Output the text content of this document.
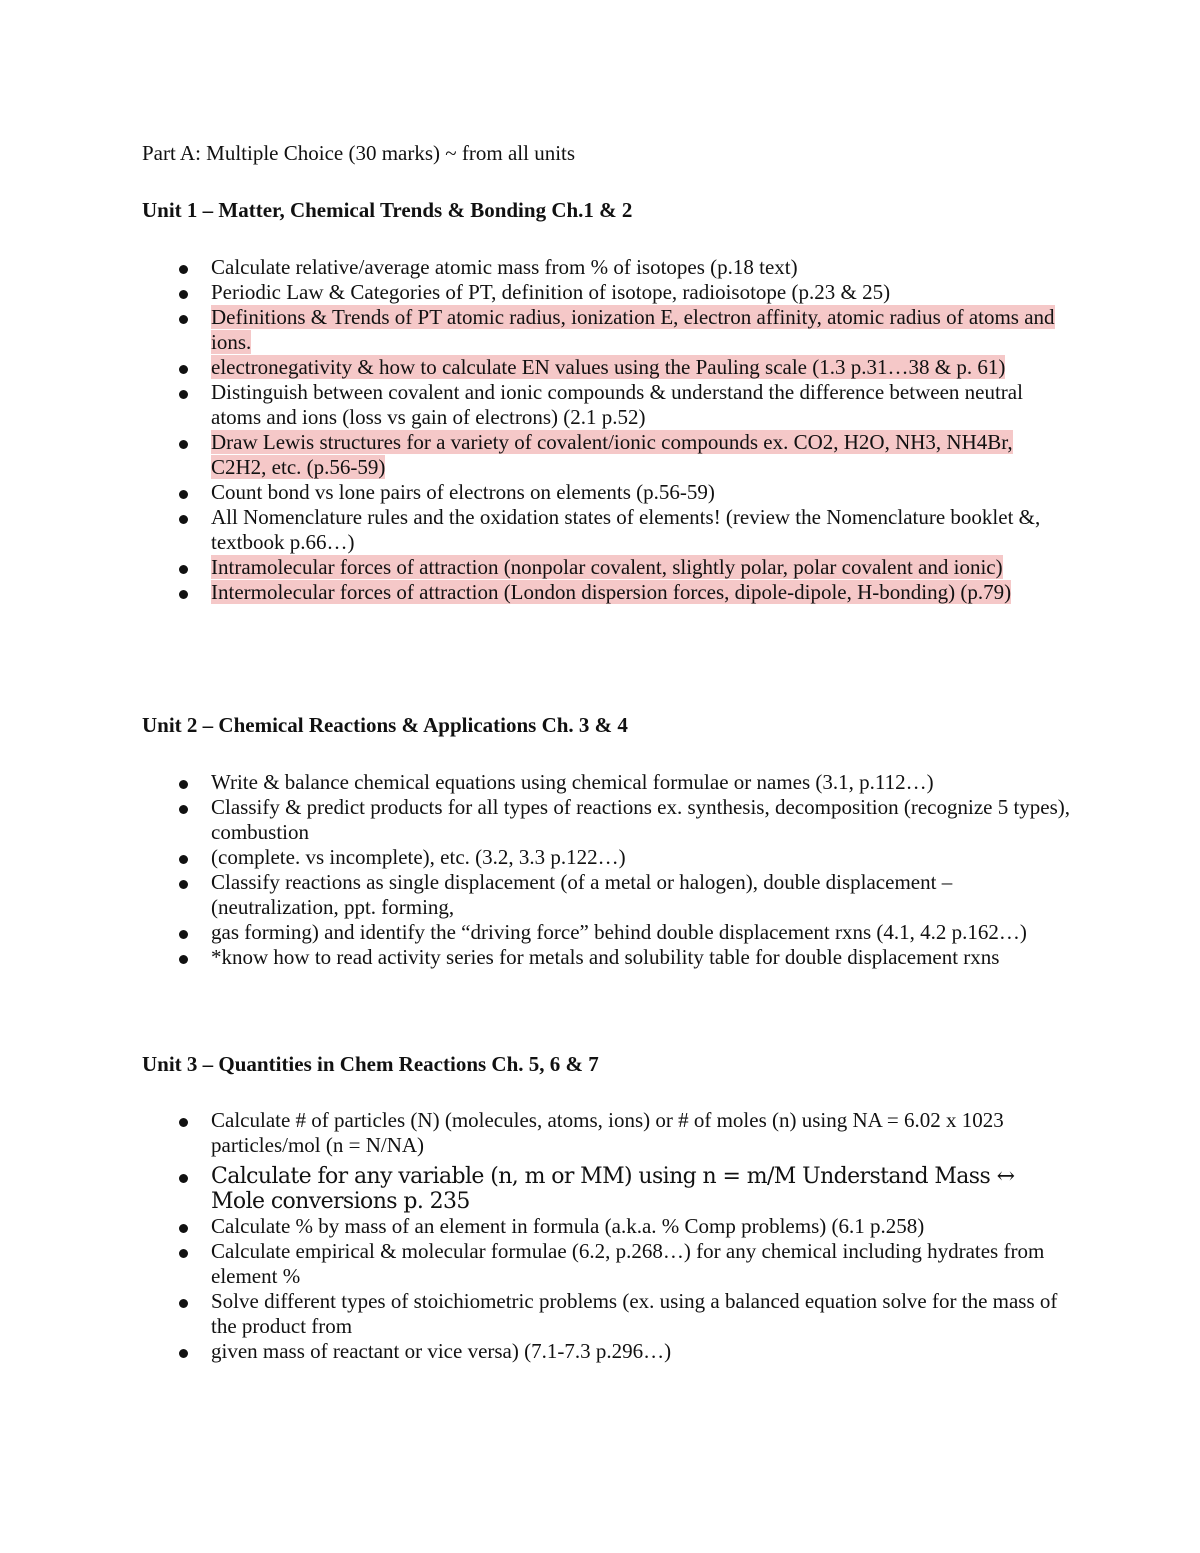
Part A: Multiple Choice (30 marks) ~ from all units
Unit 1 – Matter, Chemical Trends & Bonding Ch.1 & 2
Calculate relative/average atomic mass from % of isotopes (p.18 text)
Periodic Law & Categories of PT, definition of isotope, radioisotope (p.23 & 25)
Definitions & Trends of PT atomic radius, ionization E, electron affinity, atomic radius of atoms and ions.
electronegativity & how to calculate EN values using the Pauling scale (1.3 p.31…38 & p. 61)
Distinguish between covalent and ionic compounds & understand the difference between neutral atoms and ions (loss vs gain of electrons) (2.1 p.52)
Draw Lewis structures for a variety of covalent/ionic compounds ex. CO2, H2O, NH3, NH4Br, C2H2, etc. (p.56-59)
Count bond vs lone pairs of electrons on elements (p.56-59)
All Nomenclature rules and the oxidation states of elements! (review the Nomenclature booklet &, textbook p.66…)
Intramolecular forces of attraction (nonpolar covalent, slightly polar, polar covalent and ionic)
Intermolecular forces of attraction (London dispersion forces, dipole-dipole, H-bonding) (p.79)
Unit 2 – Chemical Reactions & Applications Ch. 3 & 4
Write & balance chemical equations using chemical formulae or names (3.1, p.112…)
Classify & predict products for all types of reactions ex. synthesis, decomposition (recognize 5 types), combustion
(complete. vs incomplete), etc. (3.2, 3.3 p.122…)
Classify reactions as single displacement (of a metal or halogen), double displacement – (neutralization, ppt. forming,
gas forming) and identify the “driving force” behind double displacement rxns (4.1, 4.2 p.162…)
*know how to read activity series for metals and solubility table for double displacement rxns
Unit 3 – Quantities in Chem Reactions Ch. 5, 6 & 7
Calculate # of particles (N) (molecules, atoms, ions) or # of moles (n) using NA = 6.02 x 1023 particles/mol (n = N/NA)
Calculate for any variable (n, m or MM) using n = m/M Understand Mass ↔ Mole conversions p. 235
Calculate % by mass of an element in formula (a.k.a. % Comp problems) (6.1 p.258)
Calculate empirical & molecular formulae (6.2, p.268…) for any chemical including hydrates from element %
Solve different types of stoichiometric problems (ex. using a balanced equation solve for the mass of the product from
given mass of reactant or vice versa) (7.1-7.3 p.296…)
